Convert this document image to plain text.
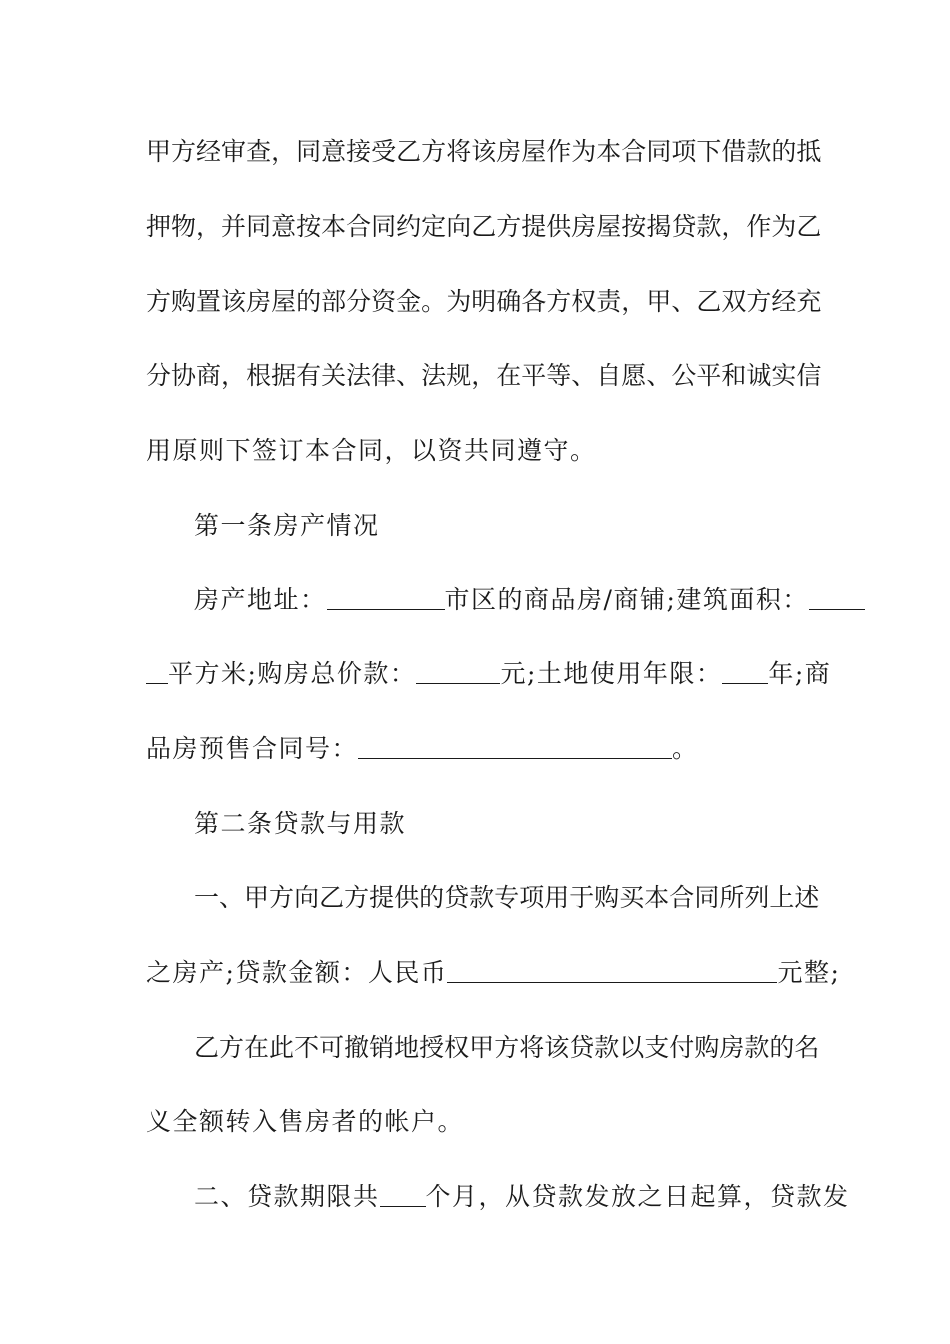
甲 方 经 审 查 ， 同 意 接 受 乙 方 将 该 房 屋 作 为 本 合 同 项 下 借 款 的 抵
押 物 ， 并 同 意 按 本 合 同 约 定 向 乙 方 提 供 房 屋 按 揭 贷 款 ， 作 为 乙
方 购 置 该 房 屋 的 部 分 资 金 。 为 明 确 各 方 权 责 ， 甲 、 乙 双 方 经 充
分 协 商 ， 根 据 有 关 法 律 、 法 规 ， 在 平 等 、 自 愿 、 公 平 和 诚 实 信
用原则下签订本合同，以资共同遵守。
第一条房产情况
房产地址：	市区的商品房/商铺;建筑面积：
平方米;购房总价款：	元;土地使用年限： 年;商
品房预售合同号：	。
第二条贷款与用款
一 、 甲 方 向 乙 方 提 供 的 贷 款 专 项 用 于 购 买 本 合 同 所 列 上 述
之房产;贷款金额：人民币	元整;
乙 方 在 此 不 可 撤 销 地 授 权 甲 方 将 该 贷 款 以 支 付 购 房 款 的 名
义全额转入售房者的帐户。
二、贷款期限共 个月，从贷款发放之日起算，贷款发
